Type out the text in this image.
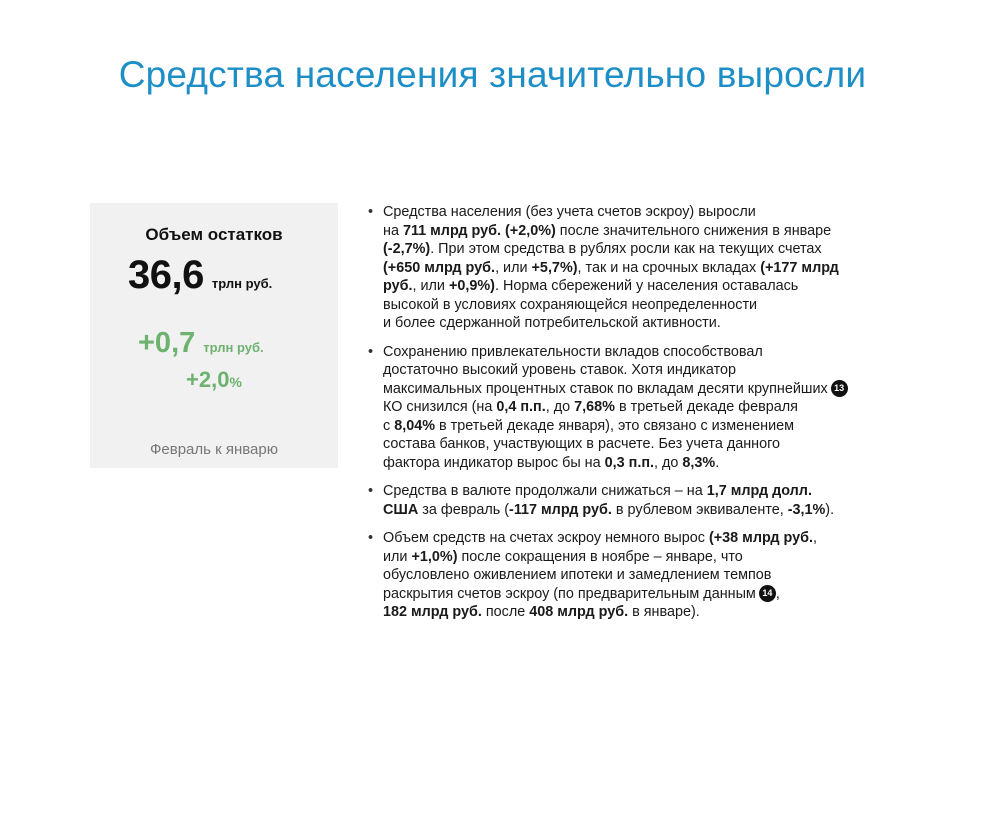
Средства населения значительно выросли
Объем остатков
36,6 трлн руб.
+0,7 трлн руб.
+2,0%
Февраль к январю
• Средства населения (без учета счетов эскроу) выросли
на 711 млрд руб. (+2,0%) после значительного снижения в январе
(-2,7%). При этом средства в рублях росли как на текущих счетах
(+650 млрд руб., или +5,7%), так и на срочных вкладах (+177 млрд
руб., или +0,9%). Норма сбережений у населения оставалась
высокой в условиях сохраняющейся неопределенности
и более сдержанной потребительской активности.
• Сохранению привлекательности вкладов способствовал
достаточно высокий уровень ставок. Хотя индикатор
максимальных процентных ставок по вкладам десяти крупнейших 13
КО снизился (на 0,4 п.п., до 7,68% в третьей декаде февраля
с 8,04% в третьей декаде января), это связано с изменением
состава банков, участвующих в расчете. Без учета данного
фактора индикатор вырос бы на 0,3 п.п., до 8,3%.
• Средства в валюте продолжали снижаться – на 1,7 млрд долл.
США за февраль (-117 млрд руб. в рублевом эквиваленте, -3,1%).
• Объем средств на счетах эскроу немного вырос (+38 млрд руб.,
или +1,0%) после сокращения в ноябре – январе, что
обусловлено оживлением ипотеки и замедлением темпов
раскрытия счетов эскроу (по предварительным данным 14 ,
182 млрд руб. после 408 млрд руб. в январе).
